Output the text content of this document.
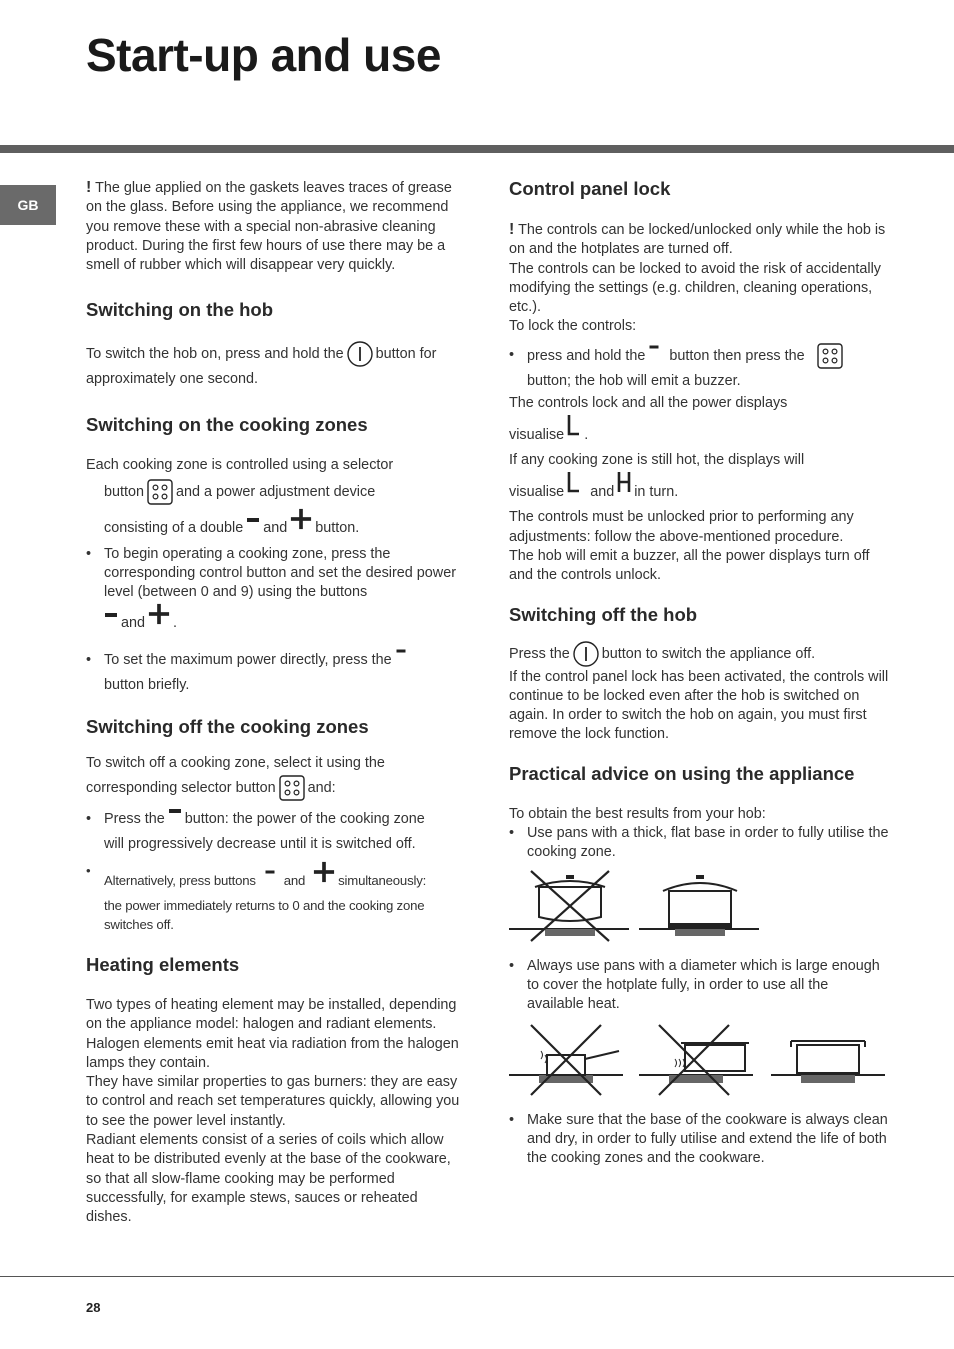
Start-up and use
GB

! The glue applied on the gaskets leaves traces of grease on the glass. Before using the appliance, we recommend you remove these with a special non-abrasive cleaning product. During the first few hours of use there may be a smell of rubber which will disappear very quickly.

Switching on the hob

To switch the hob on, press and hold the button for approximately one second.

Switching on the cooking zones

Each cooking zone is controlled using a selector

button and a power adjustment device

consisting of a double and button.

• To begin operating a cooking zone, press the corresponding control button and set the desired power level (between 0 and 9) using the buttons
and .
• To set the maximum power directly, press the
button briefly.
Switching off the cooking zones

To switch off a cooking zone, select it using the

corresponding selector button and:

• Press the button: the power of the cooking zone
will progressively decrease until it is switched off.
• Alternatively, press buttons and	simultaneously:
the power immediately returns to 0 and the cooking zone switches off.
Heating elements

Two types of heating element may be installed, depending on the appliance model: halogen and radiant elements.

Halogen elements emit heat via radiation from the halogen lamps they contain.

They have similar properties to gas burners: they are easy to control and reach set temperatures quickly, allowing you to see the power level instantly.

Radiant elements consist of a series of coils which allow heat to be distributed evenly at the base of the cookware, so that all slow-flame cooking may be performed successfully, for example stews, sauces or reheated dishes.

Control panel lock

! The controls can be locked/unlocked only while the hob is on and the hotplates are turned off.

The controls can be locked to avoid the risk of accidentally modifying the settings (e.g. children, cleaning operations, etc.).

To lock the controls:

• press and hold the button then press the
button; the hob will emit a buzzer.

The controls lock and all the power displays

visualise .

If any cooking zone is still hot, the displays will

visualise and in turn.

The controls must be unlocked prior to performing any adjustments: follow the above-mentioned procedure.

The hob will emit a buzzer, all the power displays turn off and the controls unlock.

Switching off the hob

Press the button to switch the appliance off.

If the control panel lock has been activated, the controls will continue to be locked even after the hob is switched on again. In order to switch the hob on again, you must first remove the lock function.

Practical advice on using the appliance

To obtain the best results from your hob:

• Use pans with a thick, flat base in order to fully utilise the cooking zone.
• Always use pans with a diameter which is large enough to cover the hotplate fully, in order to use all the available heat.
• Make sure that the base of the cookware is always clean and dry, in order to fully utilise and extend the life of both the cooking zones and the cookware.
28
